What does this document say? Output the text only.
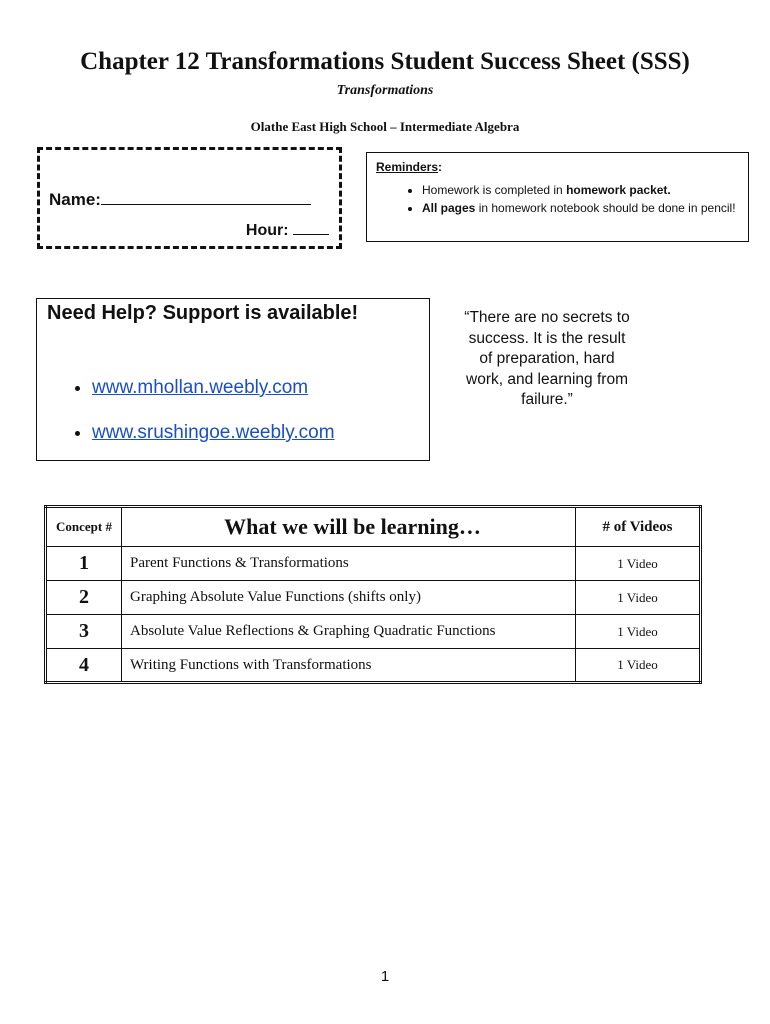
Chapter 12 Transformations Student Success Sheet (SSS)
Transformations
Olathe East High School – Intermediate Algebra
Name:
Hour:
Reminders:
• Homework is completed in homework packet.
• All pages in homework notebook should be done in pencil!
Need Help? Support is available!
• www.mhollan.weebly.com
• www.srushingoe.weebly.com
“There are no secrets to success. It is the result of preparation, hard work, and learning from failure.”
Concept #	What we will be learning…	# of Videos
1	Parent Functions & Transformations	1 Video
2	Graphing Absolute Value Functions (shifts only)	1 Video
3	Absolute Value Reflections & Graphing Quadratic Functions	1 Video
4	Writing Functions with Transformations	1 Video
1
